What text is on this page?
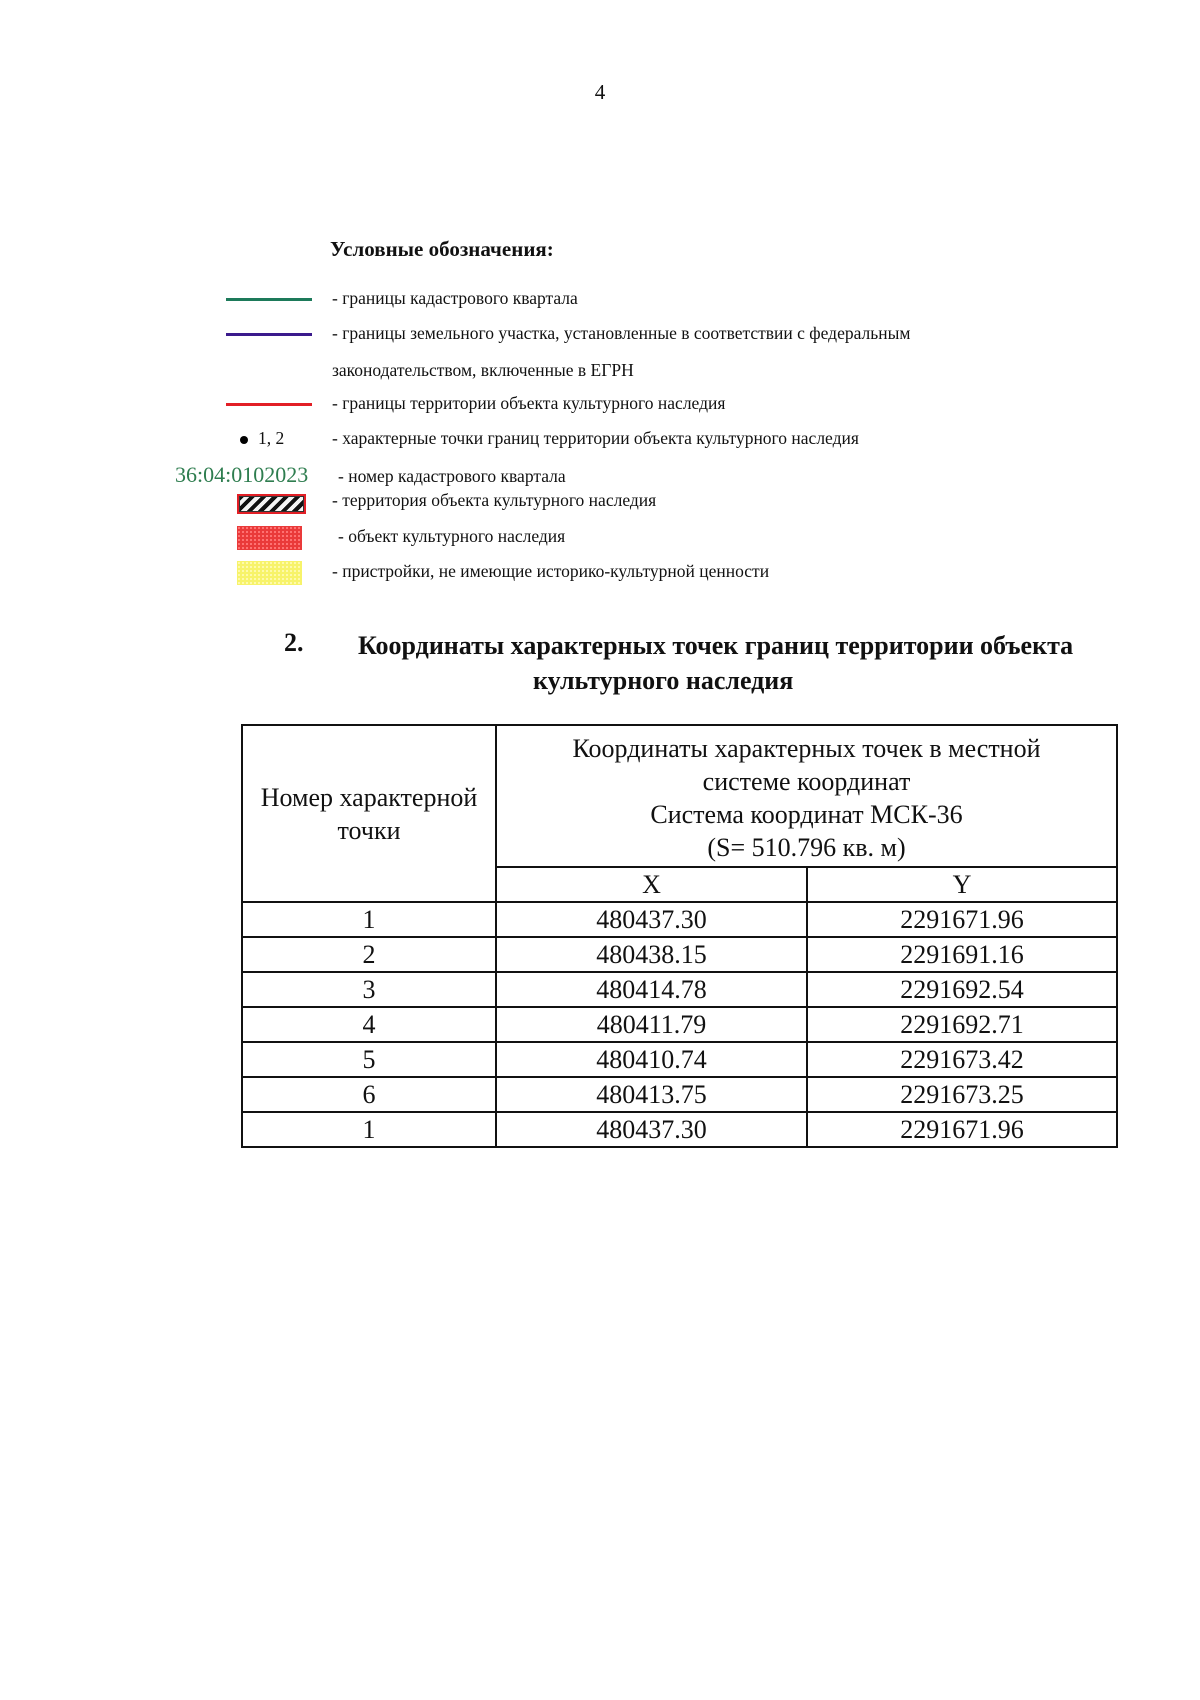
4
Условные обозначения:
- границы кадастрового квартала
- границы земельного участка, установленные в соответствии с федеральным
законодательством, включенные в ЕГРН
- границы территории объекта культурного наследия
1, 2	- характерные точки границ территории объекта культурного наследия
36:04:0102023 - номер кадастрового квартала
- территория объекта культурного наследия
- объект культурного наследия
- пристройки, не имеющие историко-культурной ценности
2. Координаты характерных точек границ территории объекта
культурного наследия
Номер характерной точки	Координаты характерных точек в местной
системе координат
Система координат МСК-36
(S= 510.796 кв. м)	

	X	Y
1	480437.30	2291671.96
2	480438.15	2291691.16
3	480414.78	2291692.54
4	480411.79	2291692.71
5	480410.74	2291673.42
6	480413.75	2291673.25
1	480437.30	2291671.96
